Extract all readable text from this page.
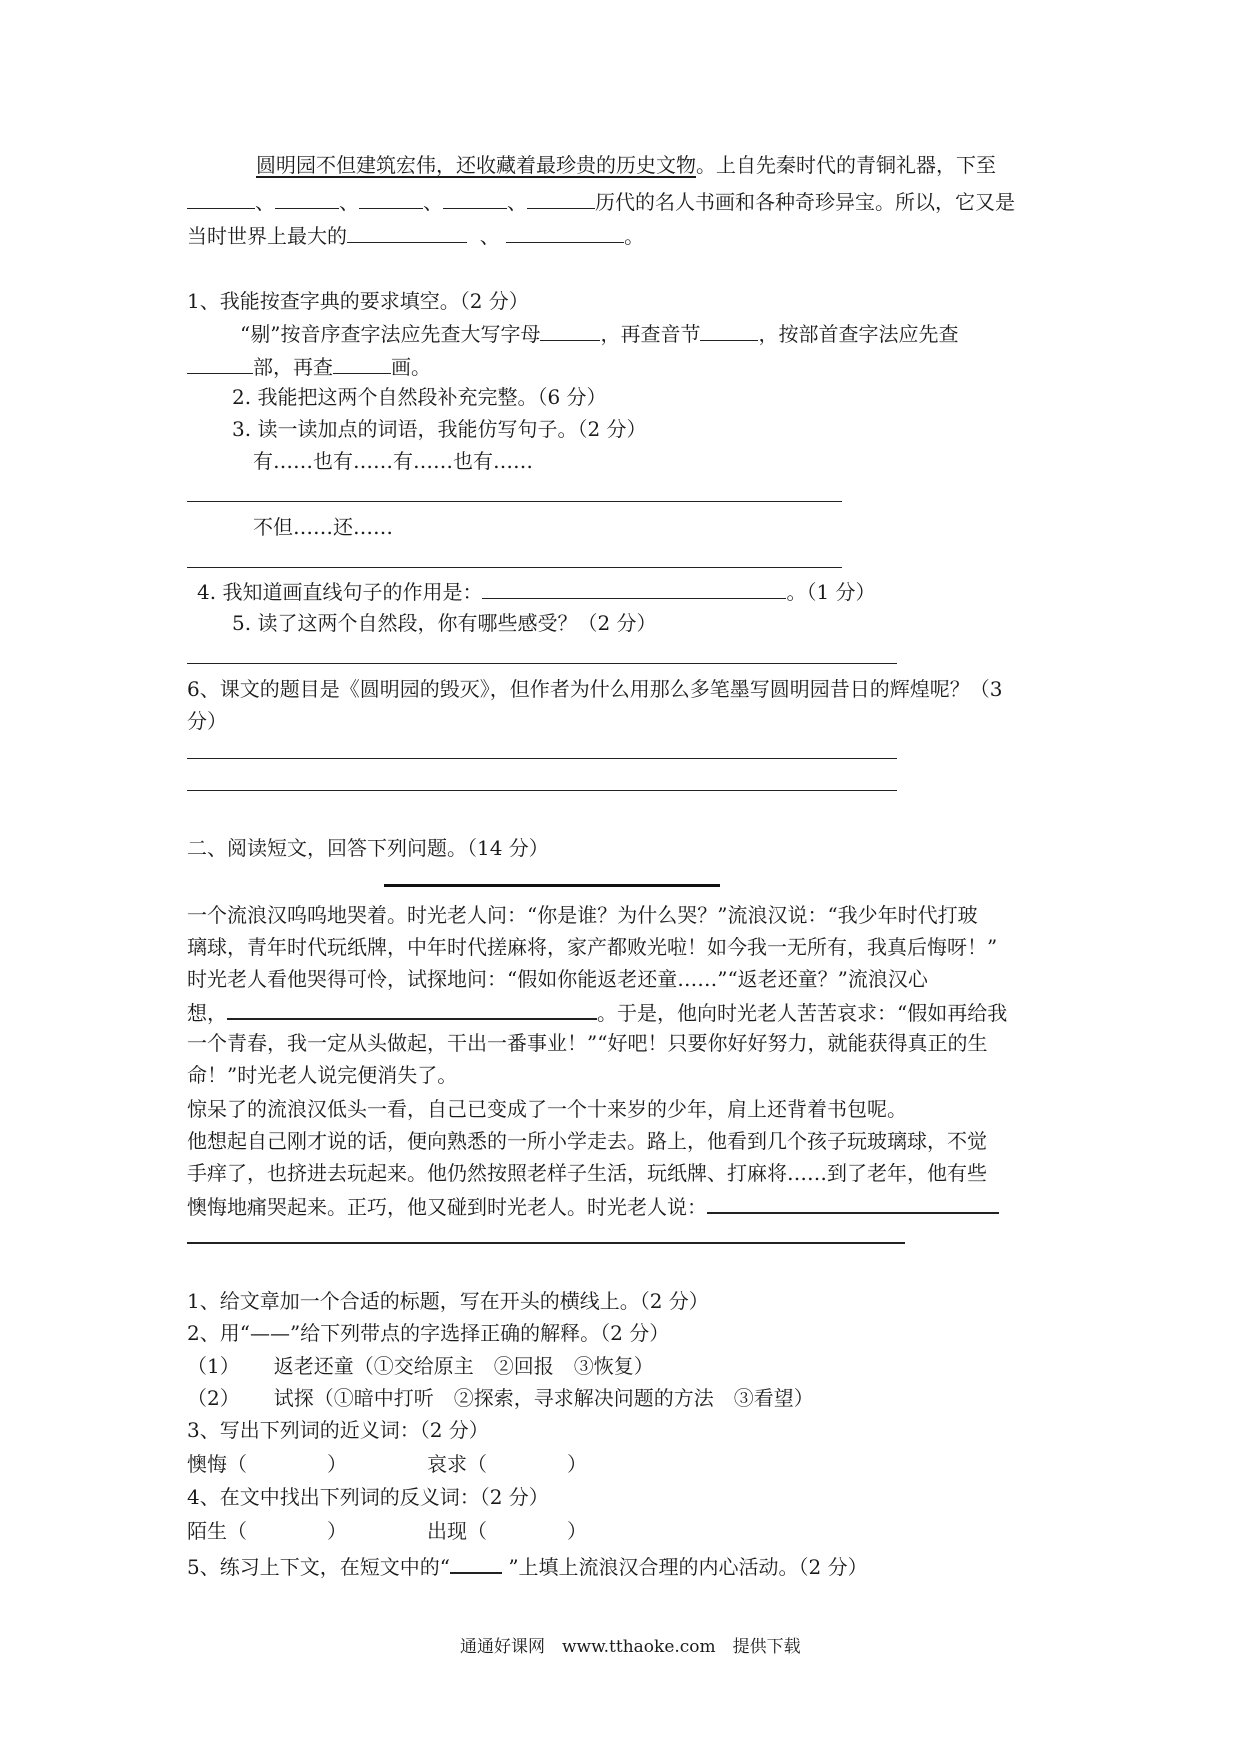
圆明园不但建筑宏伟，还收藏着最珍贵的历史文物。上自先秦时代的青铜礼器，下至
、	、	、	、	历代的名人书画和各种奇珍异宝。所以，它又是
当时世界上最大的	、	。
1、我能按查字典的要求填空。（2 分）
“剔”按音序查字法应先查大写字母	，再查音节	，按部首查字法应先查
部，再查	画。
2. 我能把这两个自然段补充完整。（6 分）
3. 读一读加点的词语，我能仿写句子。（2 分）
有……也有……有……也有……
不但……还……
4. 我知道画直线句子的作用是：	。（1 分）
5. 读了这两个自然段，你有哪些感受？（2 分）
6、课文的题目是《圆明园的毁灭》，但作者为什么用那么多笔墨写圆明园昔日的辉煌呢？（3
分）
二、阅读短文，回答下列问题。（14 分）
一个流浪汉呜呜地哭着。时光老人问：“你是谁？为什么哭？”流浪汉说：“我少年时代打玻
璃球，青年时代玩纸牌，中年时代搓麻将，家产都败光啦！如今我一无所有，我真后悔呀！”
时光老人看他哭得可怜，试探地问：“假如你能返老还童……”“返老还童？”流浪汉心
想，	。于是，他向时光老人苦苦哀求：“假如再给我
一个青春，我一定从头做起，干出一番事业！”“好吧！只要你好好努力，就能获得真正的生
命！”时光老人说完便消失了。
惊呆了的流浪汉低头一看，自己已变成了一个十来岁的少年，肩上还背着书包呢。
他想起自己刚才说的话，便向熟悉的一所小学走去。路上，他看到几个孩子玩玻璃球，不觉
手痒了，也挤进去玩起来。他仍然按照老样子生活，玩纸牌、打麻将……到了老年，他有些
懊悔地痛哭起来。正巧，他又碰到时光老人。时光老人说：
1、给文章加一个合适的标题，写在开头的横线上。（2 分）
2、用“——”给下列带点的字选择正确的解释。（2 分）
（1） 返老还童（①交给原主　②回报　③恢复）
（2） 试探（①暗中打听　②探索，寻求解决问题的方法　③看望）
3、写出下列词的近义词：（2 分）
懊悔（　　　　）	哀求（　　　　）
4、在文中找出下列词的反义词：（2 分）
陌生（　　　　）	出现（　　　　）
5、练习上下文，在短文中的“	”上填上流浪汉合理的内心活动。（2 分）
通通好课网　www.tthaoke.com　提供下载
